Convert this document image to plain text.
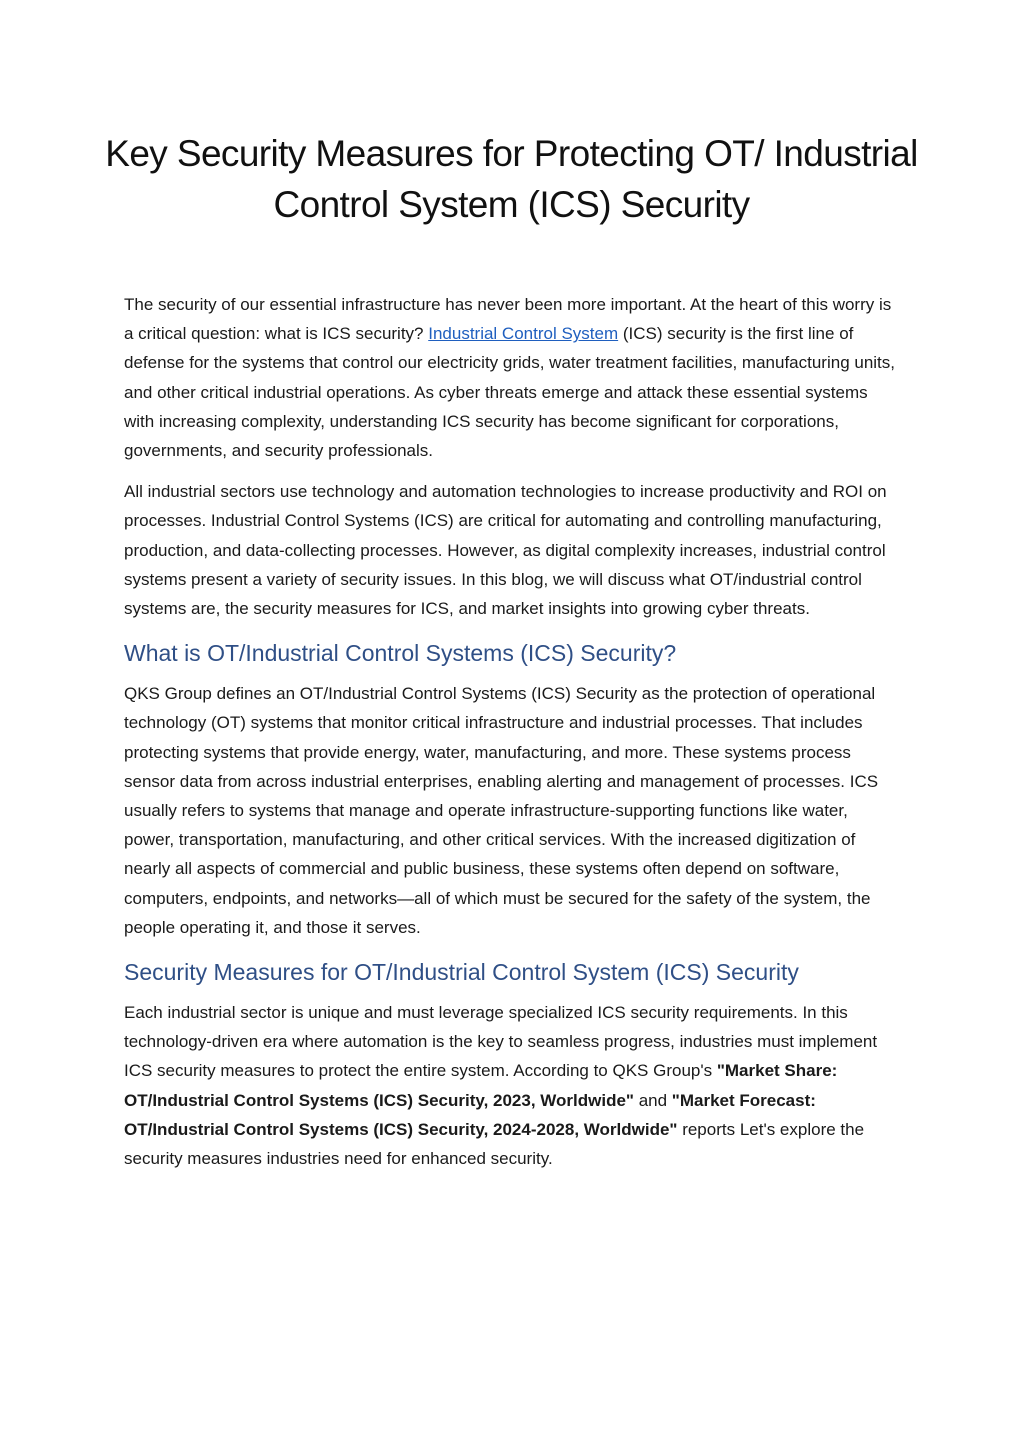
Key Security Measures for Protecting OT/ Industrial Control System (ICS) Security

The security of our essential infrastructure has never been more important. At the heart of this worry is a critical question: what is ICS security? Industrial Control System (ICS) security is the first line of defense for the systems that control our electricity grids, water treatment facilities, manufacturing units, and other critical industrial operations. As cyber threats emerge and attack these essential systems with increasing complexity, understanding ICS security has become significant for corporations, governments, and security professionals.

All industrial sectors use technology and automation technologies to increase productivity and ROI on processes. Industrial Control Systems (ICS) are critical for automating and controlling manufacturing, production, and data-collecting processes. However, as digital complexity increases, industrial control systems present a variety of security issues. In this blog, we will discuss what OT/industrial control systems are, the security measures for ICS, and market insights into growing cyber threats.

What is OT/Industrial Control Systems (ICS) Security?

QKS Group defines an OT/Industrial Control Systems (ICS) Security as the protection of operational technology (OT) systems that monitor critical infrastructure and industrial processes. That includes protecting systems that provide energy, water, manufacturing, and more. These systems process sensor data from across industrial enterprises, enabling alerting and management of processes. ICS usually refers to systems that manage and operate infrastructure-supporting functions like water, power, transportation, manufacturing, and other critical services. With the increased digitization of nearly all aspects of commercial and public business, these systems often depend on software, computers, endpoints, and networks—all of which must be secured for the safety of the system, the people operating it, and those it serves.

Security Measures for OT/Industrial Control System (ICS) Security

Each industrial sector is unique and must leverage specialized ICS security requirements. In this technology-driven era where automation is the key to seamless progress, industries must implement ICS security measures to protect the entire system. According to QKS Group's "Market Share: OT/Industrial Control Systems (ICS) Security, 2023, Worldwide" and "Market Forecast: OT/Industrial Control Systems (ICS) Security, 2024-2028, Worldwide" reports Let's explore the security measures industries need for enhanced security.
